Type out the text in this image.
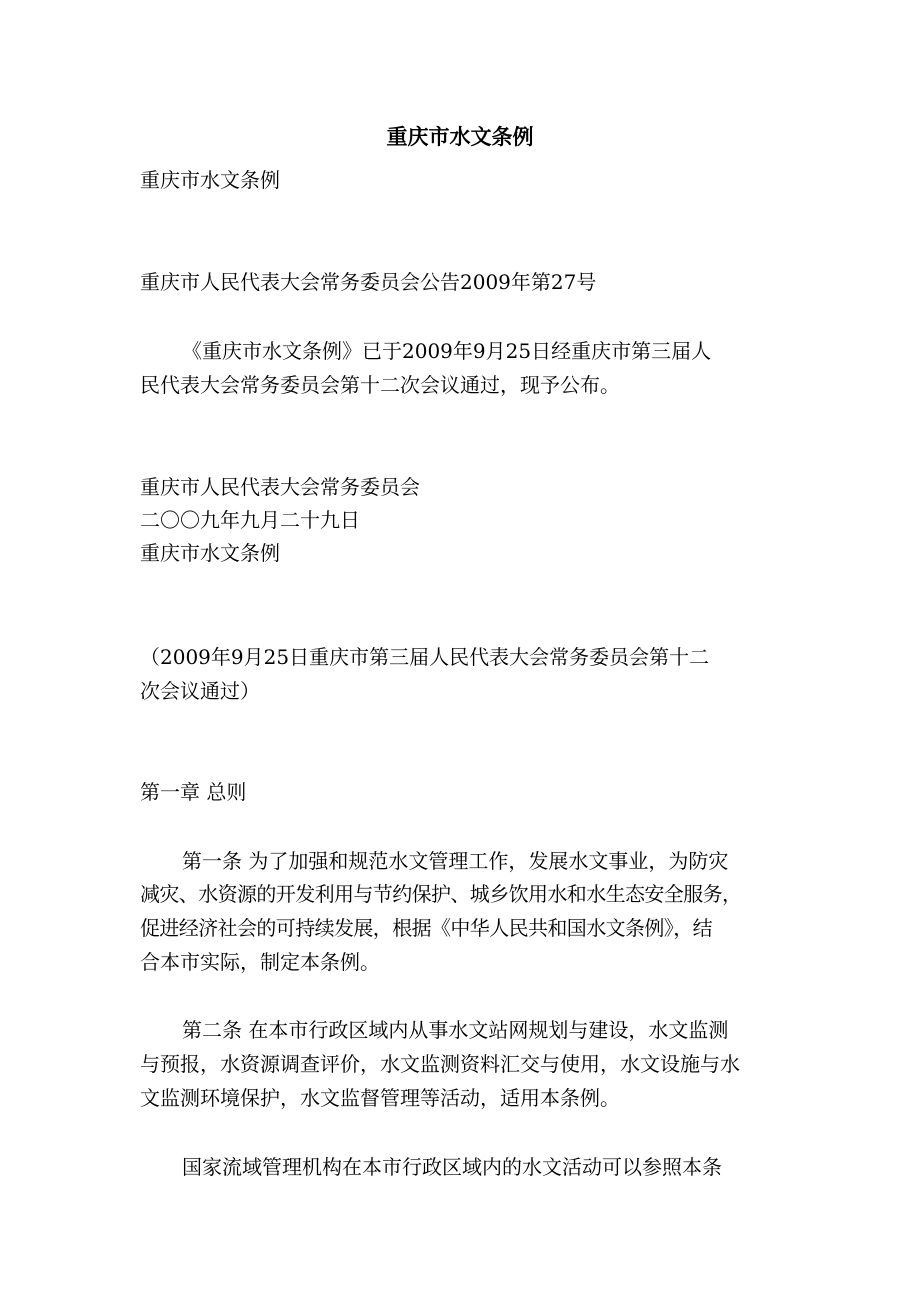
重庆市水文条例
重庆市水文条例
重庆市人民代表大会常务委员会公告2009年第27号
《重庆市水文条例》已于2009年9月25日经重庆市第三届人
民代表大会常务委员会第十二次会议通过，现予公布。
重庆市人民代表大会常务委员会
二〇〇九年九月二十九日
重庆市水文条例
（2009年9月25日重庆市第三届人民代表大会常务委员会第十二
次会议通过）
第一章 总则
第一条 为了加强和规范水文管理工作，发展水文事业，为防灾
减灾、水资源的开发利用与节约保护、城乡饮用水和水生态安全服务，
促进经济社会的可持续发展，根据《中华人民共和国水文条例》，结
合本市实际，制定本条例。
第二条 在本市行政区域内从事水文站网规划与建设，水文监测
与预报，水资源调查评价，水文监测资料汇交与使用，水文设施与水
文监测环境保护，水文监督管理等活动，适用本条例。
国家流域管理机构在本市行政区域内的水文活动可以参照本条
